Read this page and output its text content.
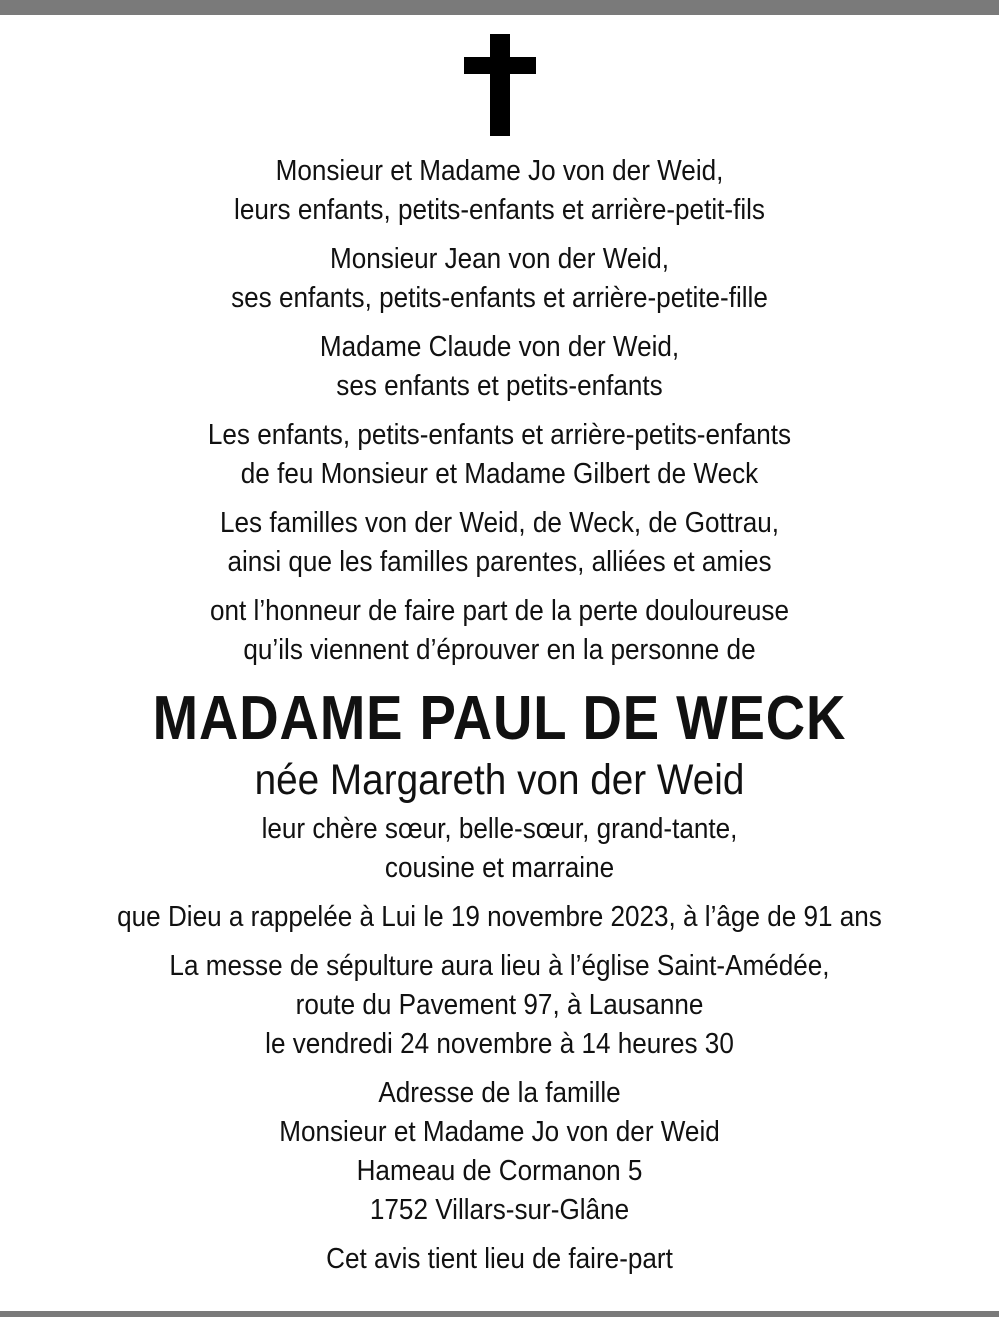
Monsieur et Madame Jo von der Weid,
leurs enfants, petits-enfants et arrière-petit-fils
Monsieur Jean von der Weid,
ses enfants, petits-enfants et arrière-petite-fille
Madame Claude von der Weid,
ses enfants et petits-enfants
Les enfants, petits-enfants et arrière-petits-enfants
de feu Monsieur et Madame Gilbert de Weck
Les familles von der Weid, de Weck, de Gottrau,
ainsi que les familles parentes, alliées et amies
ont l’honneur de faire part de la perte douloureuse
qu’ils viennent d’éprouver en la personne de
MADAME PAUL DE WECK
née Margareth von der Weid
leur chère sœur, belle-sœur, grand-tante,
cousine et marraine
que Dieu a rappelée à Lui le 19 novembre 2023, à l’âge de 91 ans
La messe de sépulture aura lieu à l’église Saint-Amédée,
route du Pavement 97, à Lausanne
le vendredi 24 novembre à 14 heures 30
Adresse de la famille
Monsieur et Madame Jo von der Weid
Hameau de Cormanon 5
1752 Villars-sur-Glâne
Cet avis tient lieu de faire-part
